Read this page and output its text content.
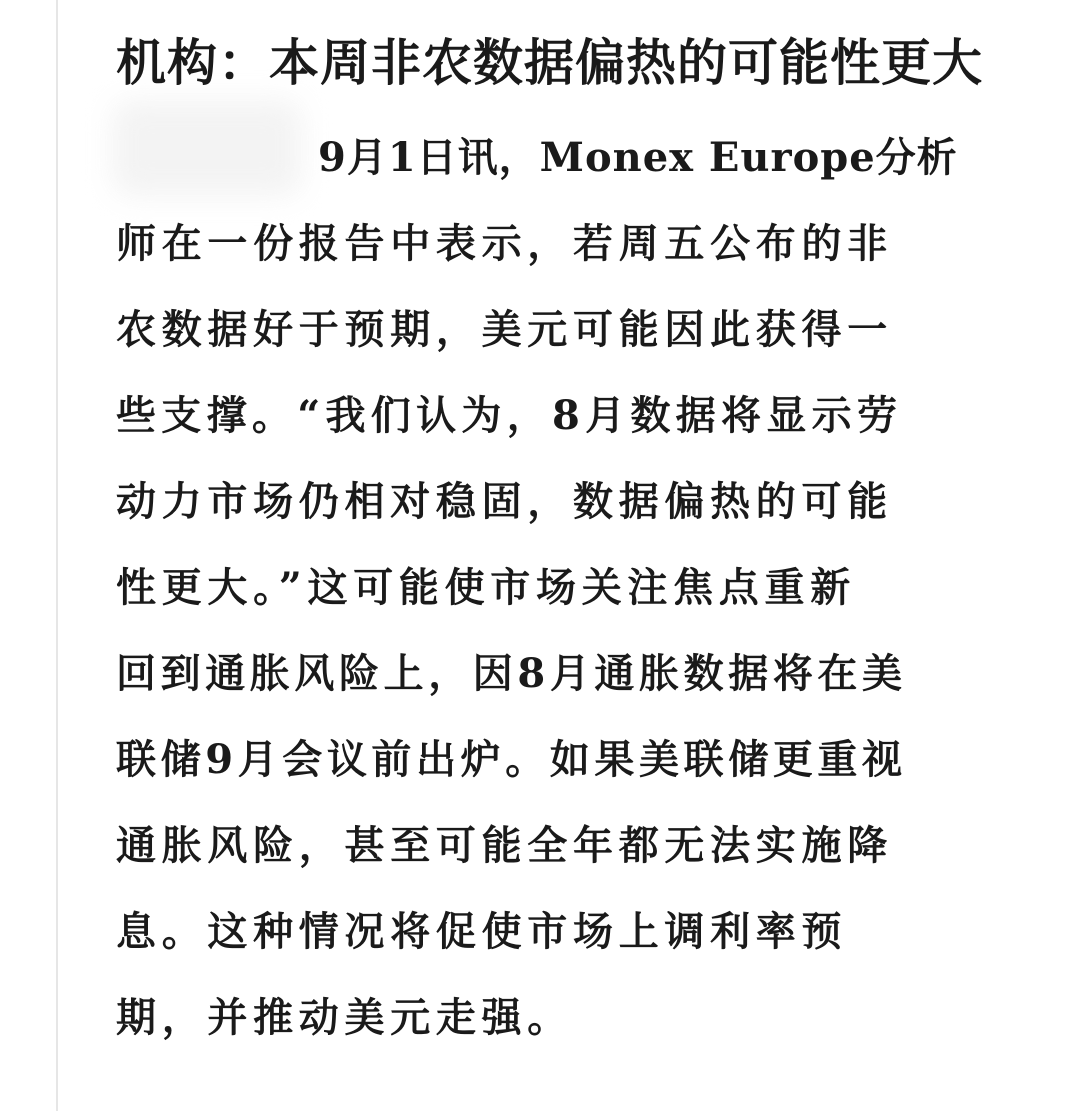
机构：本周非农数据偏热的可能性更大

9月1日讯，Monex Europe分析

师在一份报告中表示，若周五公布的非

农数据好于预期，美元可能因此获得一

些支撑。“我们认为，8月数据将显示劳

动力市场仍相对稳固，数据偏热的可能

性更大。”这可能使市场关注焦点重新

回到通胀风险上，因8月通胀数据将在美

联储9月会议前出炉。如果美联储更重视

通胀风险，甚至可能全年都无法实施降

息。这种情况将促使市场上调利率预

期，并推动美元走强。
